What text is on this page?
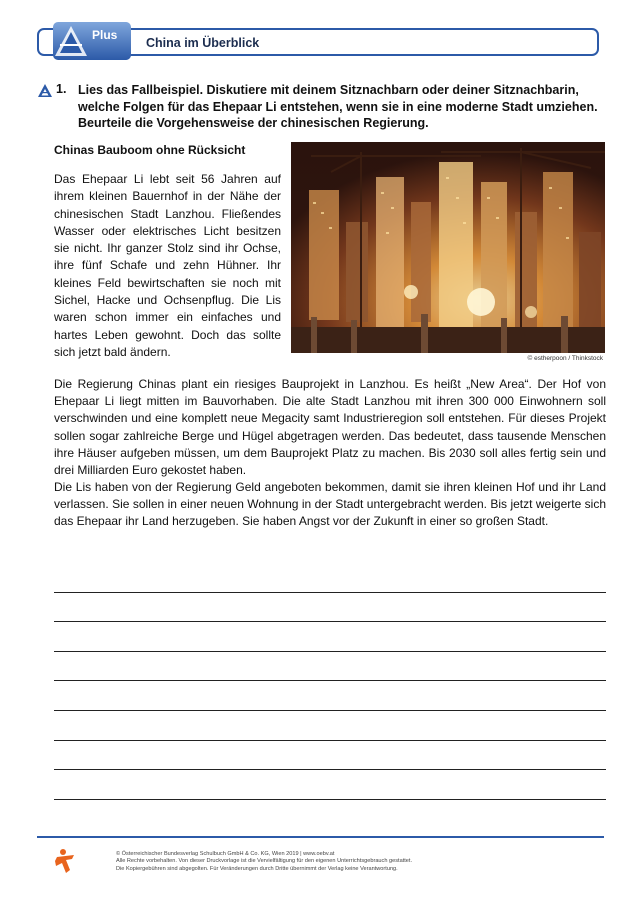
Plus
China im Überblick
1. Lies das Fallbeispiel. Diskutiere mit deinem Sitznachbarn oder deiner Sitznachbarin, welche Folgen für das Ehepaar Li entstehen, wenn sie in eine moderne Stadt umziehen. Beurteile die Vorgehensweise der chinesischen Regierung.
Chinas Bauboom ohne Rücksicht
Das Ehepaar Li lebt seit 56 Jahren auf ihrem kleinen Bauernhof in der Nähe der chinesischen Stadt Lanzhou. Fließendes Wasser oder elektrisches Licht besitzen sie nicht. Ihr ganzer Stolz sind ihr Ochse, ihre fünf Schafe und zehn Hühner. Ihr kleines Feld bewirtschaften sie noch mit Sichel, Hacke und Ochsenpflug. Die Lis waren schon immer ein einfaches und hartes Leben gewohnt. Doch das sollte sich jetzt bald ändern.	© estherpoon / Thinkstock
Die Regierung Chinas plant ein riesiges Bauprojekt in Lanzhou. Es heißt „New Area“. Der Hof von Ehepaar Li liegt mitten im Bauvorhaben. Die alte Stadt Lanzhou mit ihren 300 000 Einwohnern soll verschwinden und eine komplett neue Megacity samt Industrieregion soll entstehen. Für dieses Projekt sollen sogar zahlreiche Berge und Hügel abgetragen werden. Das bedeutet, dass tausende Menschen ihre Häuser aufgeben müssen, um dem Bauprojekt Platz zu machen. Bis 2030 soll alles fertig sein und drei Milliarden Euro gekostet haben.
Die Lis haben von der Regierung Geld angeboten bekommen, damit sie ihren kleinen Hof und ihr Land verlassen. Sie sollen in einer neuen Wohnung in der Stadt untergebracht werden. Bis jetzt weigerte sich das Ehepaar ihr Land herzugeben. Sie haben Angst vor der Zukunft in einer so großen Stadt.
© Österreichischer Bundesverlag Schulbuch GmbH & Co. KG, Wien 2019 | www.oebv.at
Alle Rechte vorbehalten. Von dieser Druckvorlage ist die Vervielfältigung für den eigenen Unterrichtsgebrauch gestattet.
Die Kopiergebühren sind abgegolten. Für Veränderungen durch Dritte übernimmt der Verlag keine Verantwortung.
